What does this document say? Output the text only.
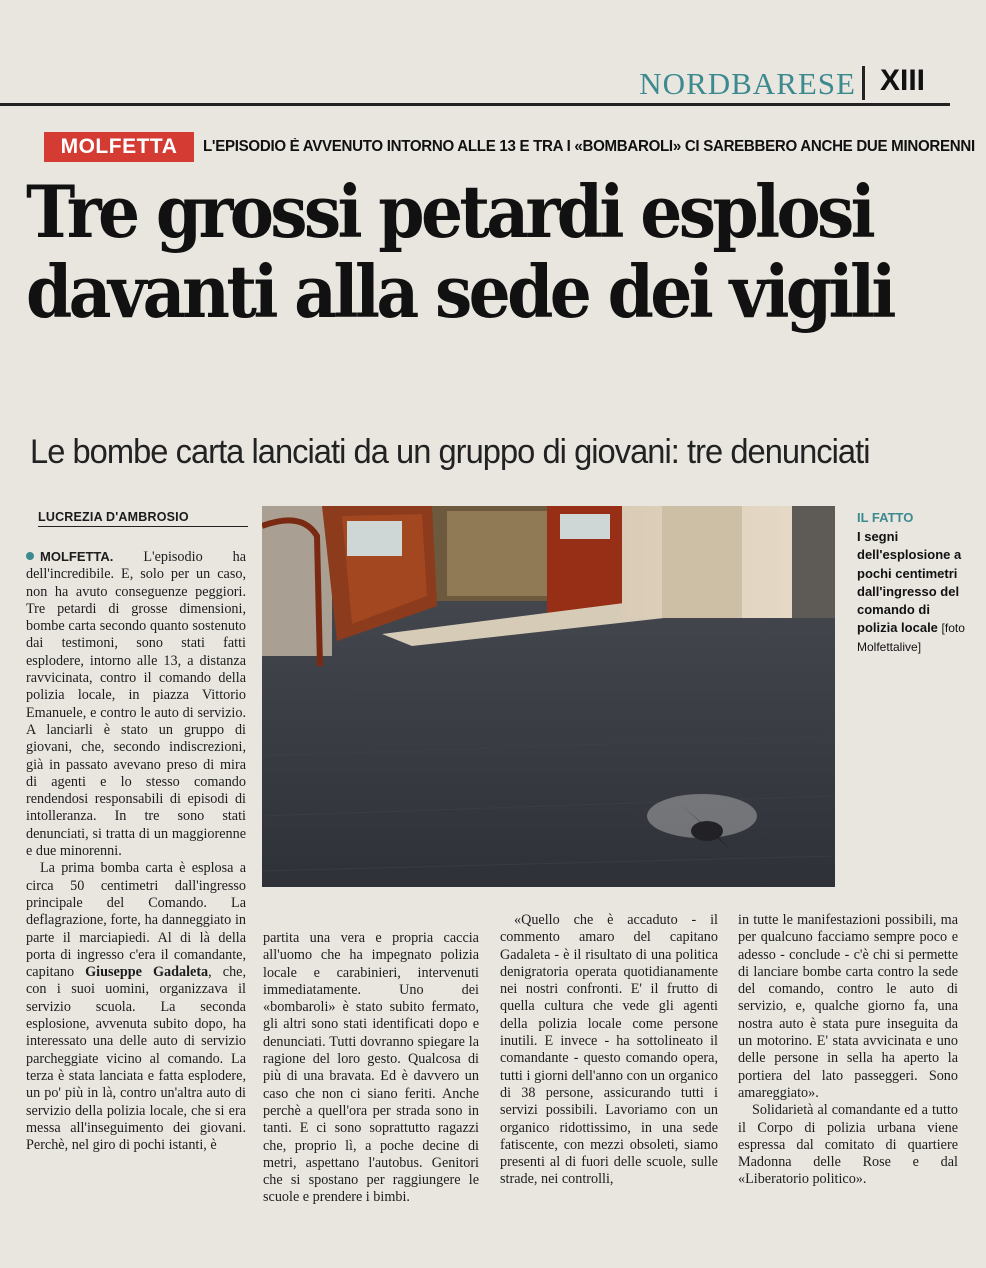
NORDBARESE XIII
MOLFETTA	L'EPISODIO È AVVENUTO INTORNO ALLE 13 E TRA I «BOMBAROLI» CI SAREBBERO ANCHE DUE MINORENNI
Tre grossi petardi esplosi
davanti alla sede dei vigili
Le bombe carta lanciati da un gruppo di giovani: tre denunciati
LUCREZIA D'AMBROSIO	IL FATTO
I segni dell'esplosione a pochi centimetri dall'ingresso del comando di polizia locale [foto Molfettalive]

MOLFETTA. L'episodio ha dell'incredibile. E, solo per un caso, non ha avuto conseguenze peggiori. Tre petardi di grosse dimensioni, bombe carta secondo quanto sostenuto dai testimoni, sono stati fatti esplodere, intorno alle 13, a distanza ravvicinata, contro il comando della polizia locale, in piazza Vittorio Emanuele, e contro le auto di servizio. A lanciarli è stato un gruppo di giovani, che, secondo indiscrezioni, già in passato avevano preso di mira di agenti e lo stesso comando rendendosi responsabili di episodi di intolleranza. In tre sono stati denunciati, si tratta di un maggiorenne e due minorenni.

La prima bomba carta è esplosa a circa 50 centimetri dall'ingresso principale del Comando. La deflagrazione, forte, ha danneggiato in parte il marciapiedi. Al di là della porta di ingresso c'era il comandante, capitano Giuseppe Gadaleta, che, con i suoi uomini, organizzava il servizio scuola. La seconda esplosione, avvenuta subito dopo, ha interessato una delle auto di servizio parcheggiate vicino al comando. La terza è stata lanciata e fatta esplodere, un po' più in là, contro un'altra auto di servizio della polizia locale, che si era messa all'inseguimento dei giovani. Perchè, nel giro di pochi istanti, è

partita una vera e propria caccia all'uomo che ha impegnato polizia locale e carabinieri, intervenuti immediatamente. Uno dei «bombaroli» è stato subito fermato, gli altri sono stati identificati dopo e denunciati. Tutti dovranno spiegare la ragione del loro gesto. Qualcosa di più di una bravata. Ed è davvero un caso che non ci siano feriti. Anche perchè a quell'ora per strada sono in tanti. E ci sono soprattutto ragazzi che, proprio lì, a poche decine di metri, aspettano l'autobus. Genitori che si spostano per raggiungere le scuole e prendere i bimbi.

«Quello che è accaduto - il commento amaro del capitano Gadaleta - è il risultato di una politica denigratoria operata quotidianamente nei nostri confronti. E' il frutto di quella cultura che vede gli agenti della polizia locale come persone inutili. E invece - ha sottolineato il comandante - questo comando opera, tutti i giorni dell'anno con un organico di 38 persone, assicurando tutti i servizi possibili. Lavoriamo con un organico ridottissimo, in una sede fatiscente, con mezzi obsoleti, siamo presenti al di fuori delle scuole, sulle strade, nei controlli,

in tutte le manifestazioni possibili, ma per qualcuno facciamo sempre poco e adesso - conclude - c'è chi si permette di lanciare bombe carta contro la sede del comando, contro le auto di servizio, e, qualche giorno fa, una nostra auto è stata pure inseguita da un motorino. E' stata avvicinata e uno delle persone in sella ha aperto la portiera del lato passeggeri. Sono amareggiato».

Solidarietà al comandante ed a tutto il Corpo di polizia urbana viene espressa dal comitato di quartiere Madonna delle Rose e dal «Liberatorio politico».
